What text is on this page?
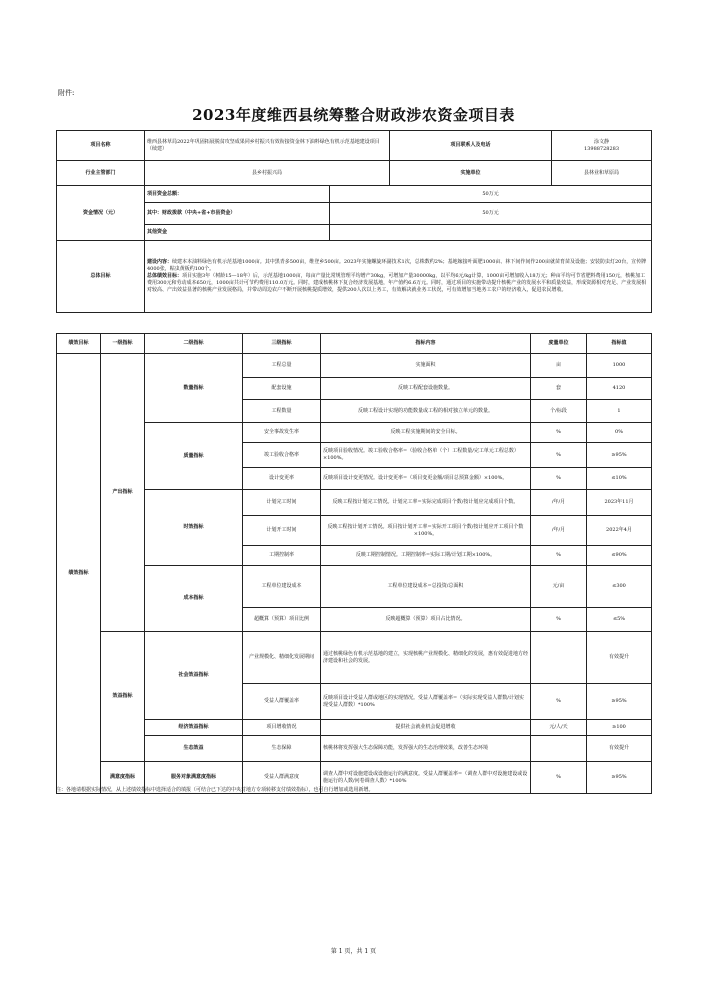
附件:
2023年度维西县统筹整合财政涉农资金项目表
项目名称	维西县林草局2022年巩固拓展脱贫攻坚成果同乡村振兴有效衔接资金林下油料绿色有机示范基地建设项目（续建）		项目联系人及电话	涂文静
13988728283

行业主管部门	县乡村振兴局		实施单位	县林业和草原局
资金情况（元）	项目资金总额：	50万元		
	其中：财政拨款（中央+省+市县资金）	50万元		
	其他资金			
总体目标	建设内容：续建本本油料绿色有机示范基地1000亩。其中黑青多500亩，维登乡500亩。2023年实施螺旋环副技术1次，总株数约2%；基地嫁接叶面肥1000亩、林下间作间作200亩就苗育苗及设施；安装防虫灯20台，宣传牌4000张，粘虫黄板约100个。
总体绩效目标：项目实施3年（树龄15—18年）后，示范基地1000亩，每亩产量比常规管理平均增产30kg，可增加产量30000kg，以平均6元/kg计算，1000亩可增加收入18万元；种亩平均可节省肥料费用150元，核桃加工费用300元和劳动成本650元，1000亩共计可节约费用110.0万元。同时，建成核桃林下复合经济发展基地，年产值约6.6万元。同时，通过项目的实施带动提升核桃产业的发展水平和质量效益，形成资源相对充足、产业发展相对较高、产出效益显著的核桃产业发展格局，并带动周边农户不断开展核桃提质增效，提供200人次以上务工，有效解决就业务工状况，可有效增加当地务工农户的经济收入，促进农民增收。			
绩效目标	一级指标	二级指标	三级指标	指标内容	度量单位	指标值
绩效指标	产出指标	数量指标	工程总量	实施面积	亩	1000
			配套设施	反映工程配套设施数量。	套	4120
			工程数量	反映工程设计实现的功能数量或工程的相对独立单元的数量。	个/标段	1
		质量指标	安全事故发生率	反映工程实施期间的安全目标。	%	0%
			竣工验收合格率	反映项目验收情况。竣工验收合格率=（验收合格单（个）工程数量/完工单元工程总数）×100%。	%	≥95%
			设计变更率	反映项目设计变更情况。设计变更率=（项目变更金额/项目总预算金额）×100%。	%	≤10%
		时效指标	计划完工时间	反映工程按计划完工情况。计划完工率=实际完成项目个数/按计划应完成项目个数。	/年/月	2023年11月
			计划开工时间	反映工程按计划开工情况。项目按计划开工率=实际开工项目个数/按计划应开工项目个数×100%。	/年/月	2022年4月
			工期控制率	反映工期控制情况。工期控制率=实际工期/计划工期×100%。	%	≤90%
		成本指标	工程单位建设成本	工程单位建设成本=总投资/总面积	元/亩	≤300
			超概算（预算）项目比例	反映超概算（预算）项目占比情况。	%	≤5%
	效益指标	社会效益指标	产业规模化、精细化发展期间	通过核桃绿色有机示范基地的建立，实现核桃产业规模化、精细化的发展，惠有效促进地方经济建设和社会的发展。		有效提升
			受益人群覆盖率	反映项目设计受益人群或地区的实现情况。受益人群覆盖率=（实际实现受益人群数/计划实现受益人群数）*100%	%	≥95%
		经济效益指标	项目增收情况	提供社会就业机会促进增收	元/人/天	≥100
		生态效益	生态保障	核桃林将发挥强大生态保障功能，发挥强大的生态治理效果，改善生态环境		有效提升
	满意度指标	服务对象满意度指标	受益人群满意度	调查人群中对设施建设或设施运行的满意度。受益人群覆盖率=（调查人群中对设施建设或设施运行的人数/问卷调查人数）*100%	%	≥95%
注：各地请根据实际情况，从上述绩效指标中选择适合的填报（可结合已下达的中央对地方专项转移支付绩效指标），也可自行增加或选用新增。
第 1 页，共 1 页
